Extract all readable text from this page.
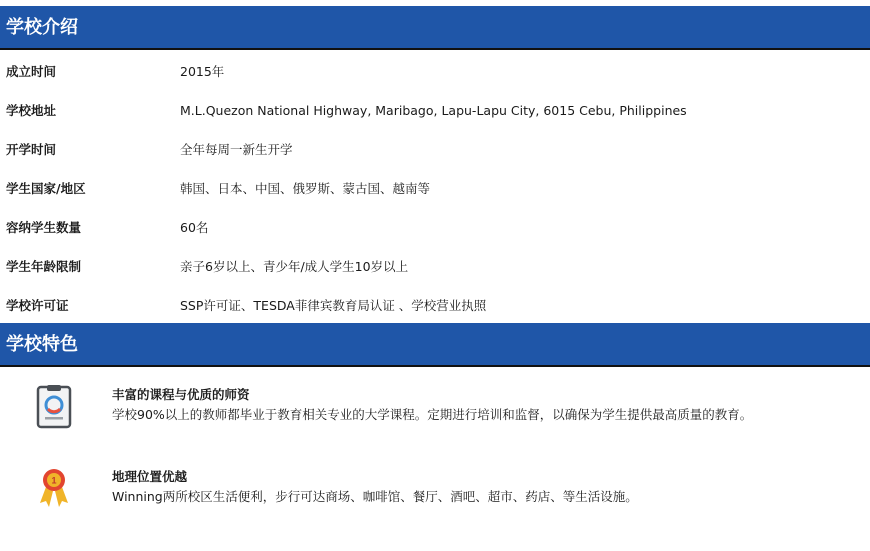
学校介绍
成立时间	2015年
学校地址	M.L.Quezon National Highway, Maribago, Lapu-Lapu City, 6015 Cebu, Philippines
开学时间	全年每周一新生开学
学生国家/地区	韩国、日本、中国、俄罗斯、蒙古国、越南等
容纳学生数量	60名
学生年龄限制	亲子6岁以上、青少年/成人学生10岁以上
学校许可证	SSP许可证、TESDA菲律宾教育局认证 、学校营业执照
学校特色
丰富的课程与优质的师资
学校90%以上的教师都毕业于教育相关专业的大学课程。定期进行培训和监督，以确保为学生提供最高质量的教育。
1	地理位置优越
Winning两所校区生活便利，步行可达商场、咖啡馆、餐厅、酒吧、超市、药店、等生活设施。
